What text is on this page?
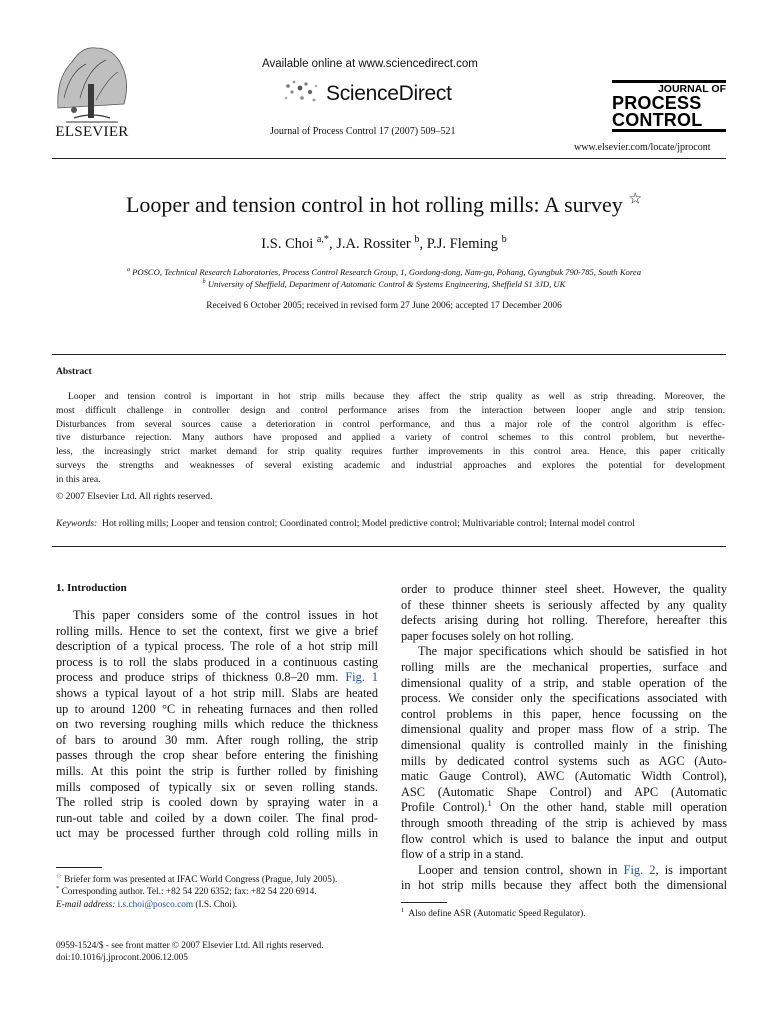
ELSEVIER
Available online at www.sciencedirect.com
ScienceDirect
Journal of Process Control 17 (2007) 509–521
JOURNAL OF
PROCESS
CONTROL
www.elsevier.com/locate/jprocont
Looper and tension control in hot rolling mills: A survey ☆
I.S. Choi $^{a,*}$, J.A. Rossiter $^b$, P.J. Fleming $^b$
$^a$ POSCO, Technical Research Laboratories, Process Control Research Group, 1, Goedong-dong, Nam-gu, Pohang, Gyungbuk 790-785, South Korea
$^b$ University of Sheffield, Department of Automatic Control & Systems Engineering, Sheffield S1 3JD, UK
Received 6 October 2005; received in revised form 27 June 2006; accepted 17 December 2006
Abstract
Looper and tension control is important in hot strip mills because they affect the strip quality as well as strip threading. Moreover, the
most difficult challenge in controller design and control performance arises from the interaction between looper angle and strip tension.
Disturbances from several sources cause a deterioration in control performance, and thus a major role of the control algorithm is effec-
tive disturbance rejection. Many authors have proposed and applied a variety of control schemes to this control problem, but neverthe-
less, the increasingly strict market demand for strip quality requires further improvements in this control area. Hence, this paper critically
surveys the strengths and weaknesses of several existing academic and industrial approaches and explores the potential for development
in this area.
© 2007 Elsevier Ltd. All rights reserved.
Keywords: Hot rolling mills; Looper and tension control; Coordinated control; Model predictive control; Multivariable control; Internal model control
1. Introduction
This paper considers some of the control issues in hot
rolling mills. Hence to set the context, first we give a brief
description of a typical process. The role of a hot strip mill
process is to roll the slabs produced in a continuous casting
process and produce strips of thickness 0.8–20 mm. Fig. 1
shows a typical layout of a hot strip mill. Slabs are heated
up to around 1200 °C in reheating furnaces and then rolled
on two reversing roughing mills which reduce the thickness
of bars to around 30 mm. After rough rolling, the strip
passes through the crop shear before entering the finishing
mills. At this point the strip is further rolled by finishing
mills composed of typically six or seven rolling stands.
The rolled strip is cooled down by spraying water in a
run-out table and coiled by a down coiler. The final prod-
uct may be processed further through cold rolling mills in
order to produce thinner steel sheet. However, the quality
of these thinner sheets is seriously affected by any quality
defects arising during hot rolling. Therefore, hereafter this
paper focuses solely on hot rolling.
The major specifications which should be satisfied in hot
rolling mills are the mechanical properties, surface and
dimensional quality of a strip, and stable operation of the
process. We consider only the specifications associated with
control problems in this paper, hence focussing on the
dimensional quality and proper mass flow of a strip. The
dimensional quality is controlled mainly in the finishing
mills by dedicated control systems such as AGC (Auto-
matic Gauge Control), AWC (Automatic Width Control),
ASC (Automatic Shape Control) and APC (Automatic
Profile Control).$^1$ On the other hand, stable mill operation
through smooth threading of the strip is achieved by mass
flow control which is used to balance the input and output
flow of a strip in a stand.
Looper and tension control, shown in Fig. 2, is important
in hot strip mills because they affect both the dimensional
☆ Briefer form was presented at IFAC World Congress (Prague, July 2005).
* Corresponding author. Tel.: +82 54 220 6352; fax: +82 54 220 6914.
E-mail address: i.s.choi@posco.com (I.S. Choi).
$^1$ Also define ASR (Automatic Speed Regulator).
0959-1524/$ - see front matter © 2007 Elsevier Ltd. All rights reserved.
doi:10.1016/j.jprocont.2006.12.005
